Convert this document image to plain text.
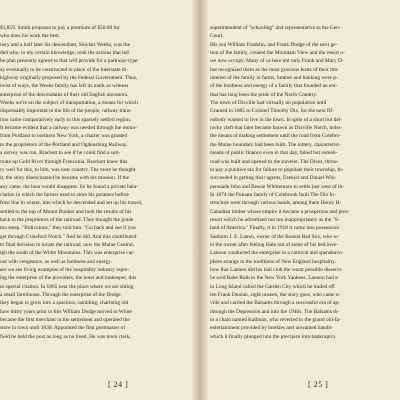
$1,859. Smith proposes to pay a premium of $50.00 for
who does his work the best.
nery and a half later his descendant, Sinclair Weeks, was the
ded who, to my certain knowledge, took the actions that led
he plan presently agreed to that will provide for a parkway-type
ay eventually to be constructed in place of the Interstate di-
highway originally proposed by the Federal Government. Thus,
twist of ways, the Weeks family has left its mark as witness
enterprise of the descendants of their old English ancestors.
Weeks we're on the subject of transportation, a means for which
dispensably important to the life of the people, railway trans-
tion came comparatively early to this sparsely settled region.
It became evident that a railway was needed through the moun-
from Portland to northern New York, a charter was granted
to the proprietors of the Portland and Ogdensburg Railway.
a survey was run, Brackett to see if he could find a suit-
route up Gold River through Franconia. Brackett knew this
ry well for this, to him, was near country. The more he thought
it, the story disenchanted he became with his mission. If the
any came, the bear would disappear. So he found a private bala-
ciation in which the farmer used to store his potatoes before
frost line in winter, into which he descended and set up his transit,
settled to the top of Mount Bunker and took the results of his
back to the proprietors of the railroad. They thought the grade
too steep. "Ridiculous," they told him. "Go back and see if you
get through Crawford Notch." And he did. And this contributed
to final decision to locate the railroad, now the Maine Central,
igh the south of the White Mountains. This was enterprise car-
out with vengeance, as well as boldness and energy.
are we see living examples of the hospitality industry repre-
ing the enterprise of the providers, the hotel and innkeeper, this
to special citation. In 1865 near the place where we are sitting
a small farmhouse. Through the enterprise of the Dodge
they began to grow into a spacious, rambling, charming old
how thirty years prior to this William Dodge moved to White
became the first merchant in the settlement and operated the
store in town until 1830. Appointed the first postmaster of
field he held the post as long as he lived. He was town clerk,
[ 24 ]
superintendent of "schooling" and representative to the Gen-
Court.
His son William Franklin, and Frank Dodge of the next ge-
tion of the family, created the Mountain View and the resort o-
we now occupy. Many of us here not only Frank and Mary D-
but recognized them as the most gracious hosts of their tim-
interest of the family in farms, lumber and banking were p-
of the boldness and energy of a family that founded an ent-
that has long been the pride of the North Country.
The town of Dixville had virtually no population until
Granted in 1805 to Colonel Timothy Dix, for the next fif-
nobody wanted to live in the town. In spite of a short but del-
rocky cleft that later became known as Dixville Notch, nobo-
the means of making settlement until the road from Colebro-
the Maine boundary had been built. The lottery, characterist-
means of public finance even in that day, failed but someh-
road was built and opened to the traveler. The Dixes, throu-
to pay a punitive tax for failure to populate their township, th-
succeeded in getting their agents, Ezekiel and Daniel Whi-
persuade John and Bessie Whittemore to settle just west of th-
In 1874 the Putnam family of Colebrook built The Dix In-
structure went through various hands, among them Henry H-
Canadian timber whose empire it became a prosperous and pres-
resort which he advertised not too inappropriately as the "S-
land of America." Finally, it in 1918 it came into possession
Sanborn J. E. Lanon, owner of the Boston Red Sox, who w-
to the owner after feeling Hale out of some of his bed inve-
Lannon conducted the enterprise in a carnival and spendeavo-
phere strange to the traditions of New England hospitality.
how that Lannon did his ball club the worst possible disservi-
he sold Babe Ruth to the New York Yankees. Lannon had s-
in Long Island called the Garden City which he traded off
ten Frank Doolan, sight unseen, the story goes, who came u-
ville and carried the Balsams through a successful era of ap-
through the Depression and into the 1940s. The Balsams th-
to a chain named Kallman, who reverted to the grand old-fa-
entertainment provided by bookies and unwanted bandit-
which it finally plunged into the precipice into bankruptcy.
[ 25 ]
